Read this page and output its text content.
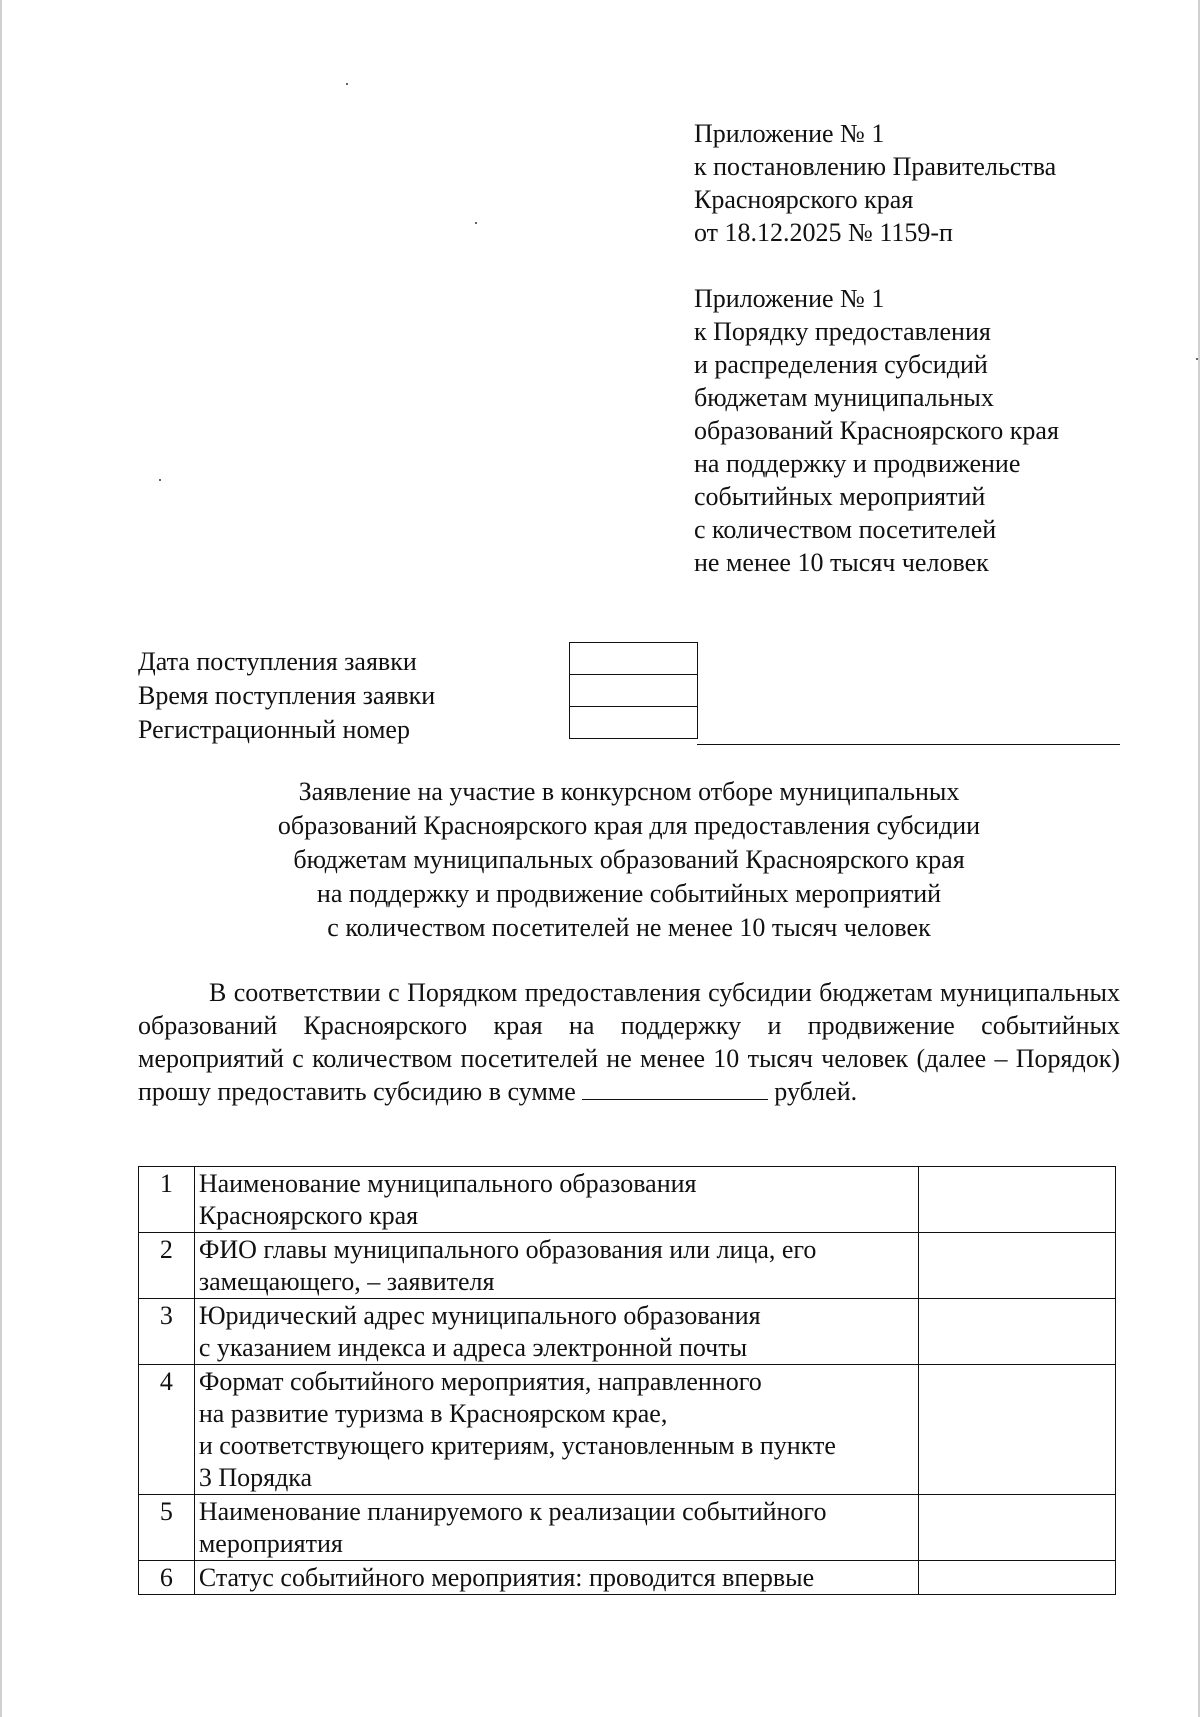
Приложение № 1
к постановлению Правительства
Красноярского края
от 18.12.2025 № 1159-п
Приложение № 1
к Порядку предоставления
и распределения субсидий
бюджетам муниципальных
образований Красноярского края
на поддержку и продвижение
событийных мероприятий
с количеством посетителей
не менее 10 тысяч человек
Дата поступления заявки
Время поступления заявки
Регистрационный номер

Заявление на участие в конкурсном отборе муниципальных
образований Красноярского края для предоставления субсидии
бюджетам муниципальных образований Красноярского края
на поддержку и продвижение событийных мероприятий
с количеством посетителей не менее 10 тысяч человек
В соответствии с Порядком предоставления субсидии бюджетам муниципальных образований Красноярского края на поддержку и продвижение событийных мероприятий с количеством посетителей не менее 10 тысяч человек (далее – Порядок) прошу предоставить субсидию в сумме	рублей.
1	Наименование муниципального образования
Красноярского края	

2	ФИО главы муниципального образования или лица, его
замещающего, – заявителя	

3	Юридический адрес муниципального образования
с указанием индекса и адреса электронной почты	

4	Формат событийного мероприятия, направленного
на развитие туризма в Красноярском крае,
и соответствующего критериям, установленным в пункте
3 Порядка	

5	Наименование планируемого к реализации событийного
мероприятия	

6	Статус событийного мероприятия: проводится впервые	
